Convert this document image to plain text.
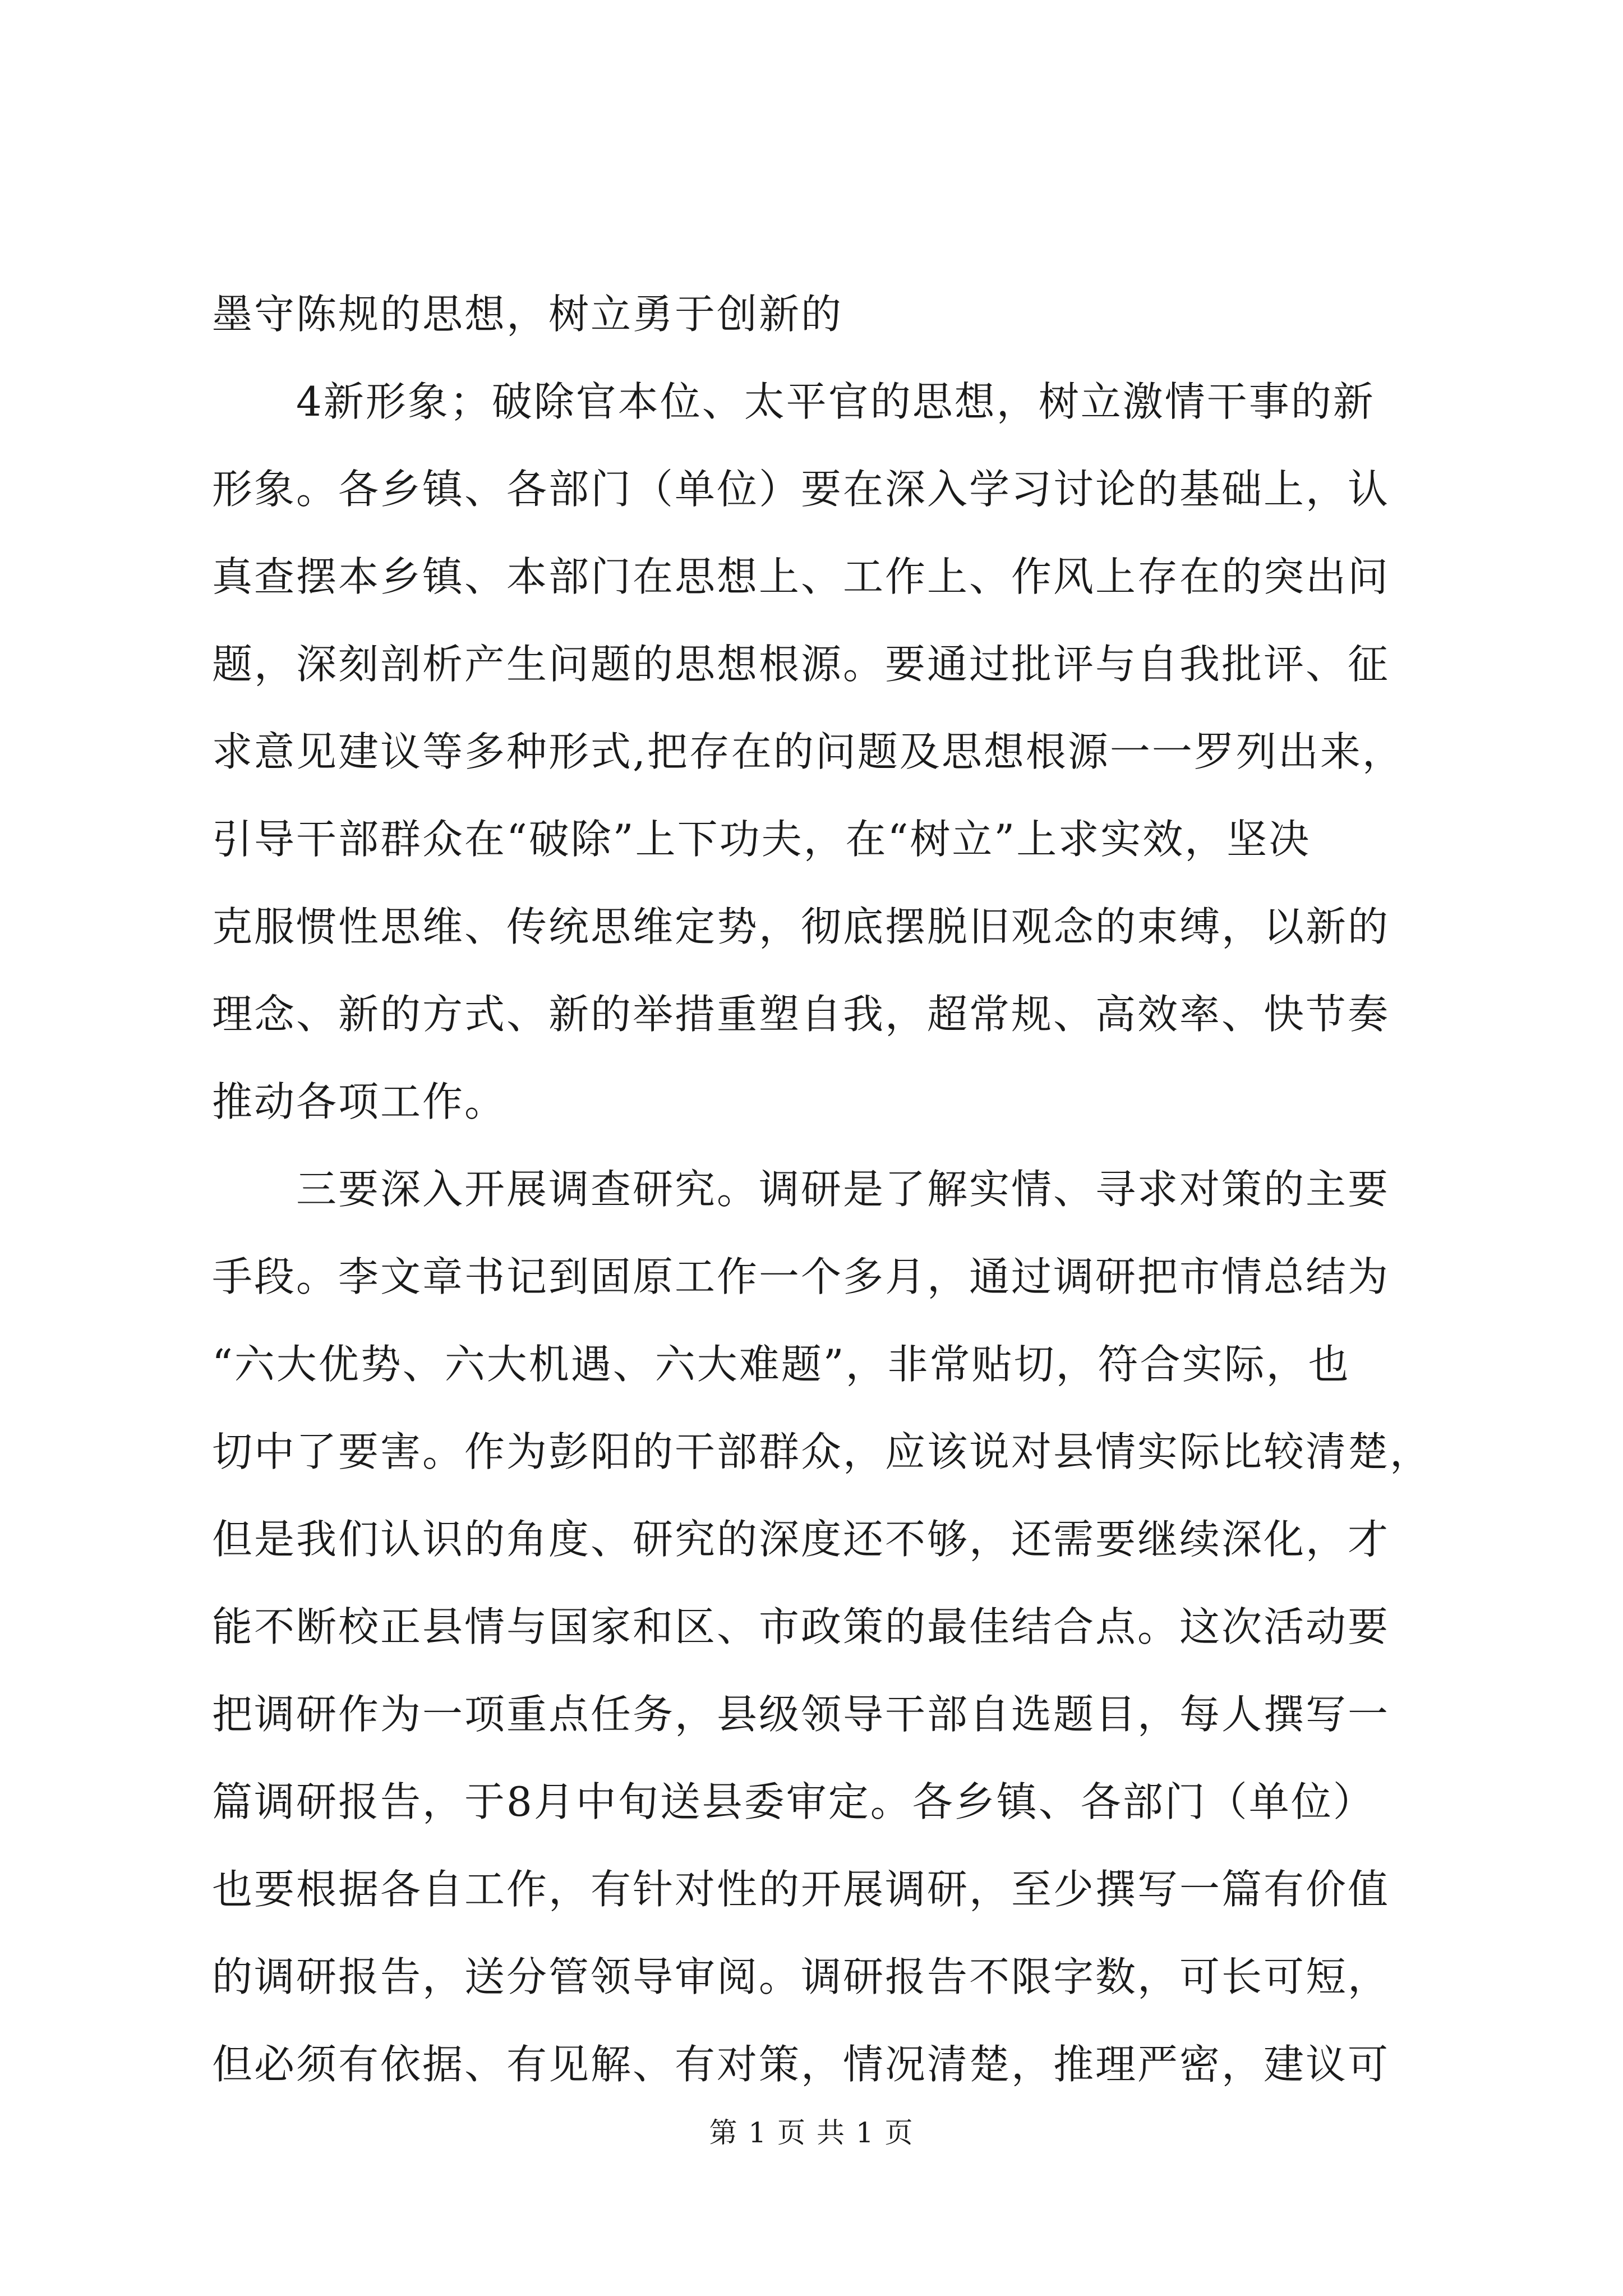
墨守陈规的思想，树立勇于创新的
　　4新形象；破除官本位、太平官的思想，树立激情干事的新
形象。各乡镇、各部门（单位）要在深入学习讨论的基础上，认
真查摆本乡镇、本部门在思想上、工作上、作风上存在的突出问
题，深刻剖析产生问题的思想根源。要通过批评与自我批评、征
求意见建议等多种形式,把存在的问题及思想根源一一罗列出来，
引导干部群众在“破除”上下功夫，在“树立”上求实效，坚决
克服惯性思维、传统思维定势，彻底摆脱旧观念的束缚，以新的
理念、新的方式、新的举措重塑自我，超常规、高效率、快节奏
推动各项工作。
　　三要深入开展调查研究。调研是了解实情、寻求对策的主要
手段。李文章书记到固原工作一个多月，通过调研把市情总结为
“六大优势、六大机遇、六大难题”，非常贴切，符合实际，也
切中了要害。作为彭阳的干部群众，应该说对县情实际比较清楚，
但是我们认识的角度、研究的深度还不够，还需要继续深化，才
能不断校正县情与国家和区、市政策的最佳结合点。这次活动要
把调研作为一项重点任务，县级领导干部自选题目，每人撰写一
篇调研报告，于8月中旬送县委审定。各乡镇、各部门（单位）
也要根据各自工作，有针对性的开展调研，至少撰写一篇有价值
的调研报告，送分管领导审阅。调研报告不限字数，可长可短，
但必须有依据、有见解、有对策，情况清楚，推理严密，建议可
第 1 页 共 1 页
